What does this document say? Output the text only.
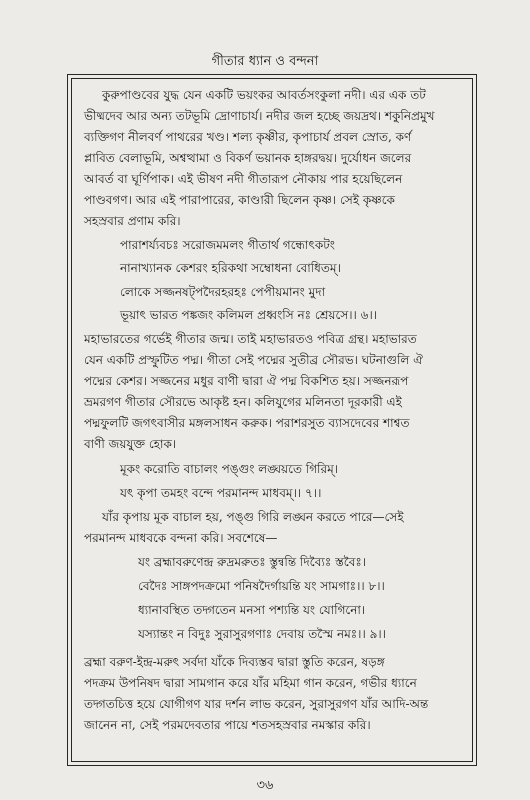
গীতার ধ্যান ও বন্দনা
কুরুপাণ্ডবের যুদ্ধ যেন একটি ভয়ংকর আবর্তসংকুলা নদী। এর এক তট
ভীষ্মদেব আর অন্য তটভূমি দ্রোণাচার্য। নদীর জল হচ্ছে জয়দ্রথ। শকুনিপ্রমুখ
ব্যক্তিগণ নীলবর্ণ পাথরের খণ্ড। শল্য কৃষ্ণীর, কৃপাচার্য প্রবল স্রোত, কর্ণ
প্লাবিত বেলাভূমি, অশ্বত্থামা ও বিকর্ণ ভয়ানক হাঙ্গরদ্বয়। দুর্যোধন জলের
আবর্ত বা ঘূর্ণিপাক। এই ভীষণ নদী গীতারূপ নৌকায় পার হয়েছিলেন
পাণ্ডবগণ। আর এই পারাপারের, কাণ্ডারী ছিলেন কৃষ্ণ। সেই কৃষ্ণকে
সহস্রবার প্রণাম করি।
পারাশর্য্যবচঃ সরোজমমলং গীতার্থ গন্ধোৎকটং
নানাখ্যানক কেশরং হরিকথা সম্বোধনা বোধিতম্।
লোকে সজ্জনষট্‌পদৈরহরহঃ পেপীয়মানং মুদা
ভূয়াৎ ভারত পঙ্কজং কলিমল প্রধ্বংসি নঃ শ্রেয়সে।। ৬।।
মহাভারতের গর্ভেই গীতার জন্ম। তাই মহাভারতও পবিত্র গ্রন্থ। মহাভারত
যেন একটি প্রস্ফুটিত পদ্ম। গীতা সেই পদ্মের সুতীব্র সৌরভ। ঘটনাগুলি ঐ
পদ্মের কেশর। সজ্জনের মধুর বাণী দ্বারা ঐ পদ্ম বিকশিত হয়। সজ্জনরূপ
ভ্রমরগণ গীতার সৌরভে আকৃষ্ট হন। কলিযুগের মলিনতা দূরকারী এই
পদ্মফুলটি জগৎবাসীর মঙ্গলসাধন করুক। পরাশরসুত ব্যাসদেবের শাশ্বত
বাণী জয়যুক্ত হোক।
মূকং করোতি বাচালং পঙ্গুং লঙ্ঘয়তে গিরিম্।
যৎ কৃপা তমহং বন্দে পরমানন্দ মাধবম্।। ৭।।
যাঁর কৃপায় মূক বাচাল হয়, পঙ্গু গিরি লঙ্ঘন করতে পারে—সেই
পরমানন্দ মাধবকে বন্দনা করি। সবশেষে—
যং ব্রহ্মাবরুণেন্দ্র রুদ্রমরুতঃ স্তুন্বন্তি দিব্যৈঃ স্তবৈঃ।
বেদৈঃ সাঙ্গপদক্রমো পনিষদৈর্গায়ন্তি যং সামগাঃ।। ৮।।
ধ্যানাবস্থিত তদ্গতেন মনসা পশ্যন্তি যং যোগিনো।
যস্যান্তং ন বিদুঃ সুরাসুরগণাঃ দেবায় তস্মৈ নমঃ।। ৯।।
ব্রহ্মা বরুণ-ইন্দ্র-মরুৎ সর্বদা যাঁকে দিব্যস্তব দ্বারা স্তুতি করেন, ষড়ঙ্গ
পদক্রম উপনিষদ দ্বারা সামগান করে যাঁর মহিমা গান করেন, গভীর ধ্যানে
তদ্গতচিত্ত হয়ে যোগীগণ যার দর্শন লাভ করেন, সুরাসুরগণ যাঁর আদি-অন্ত
জানেন না, সেই পরমদেবতার পায়ে শতসহস্রবার নমস্কার করি।
৩৬
